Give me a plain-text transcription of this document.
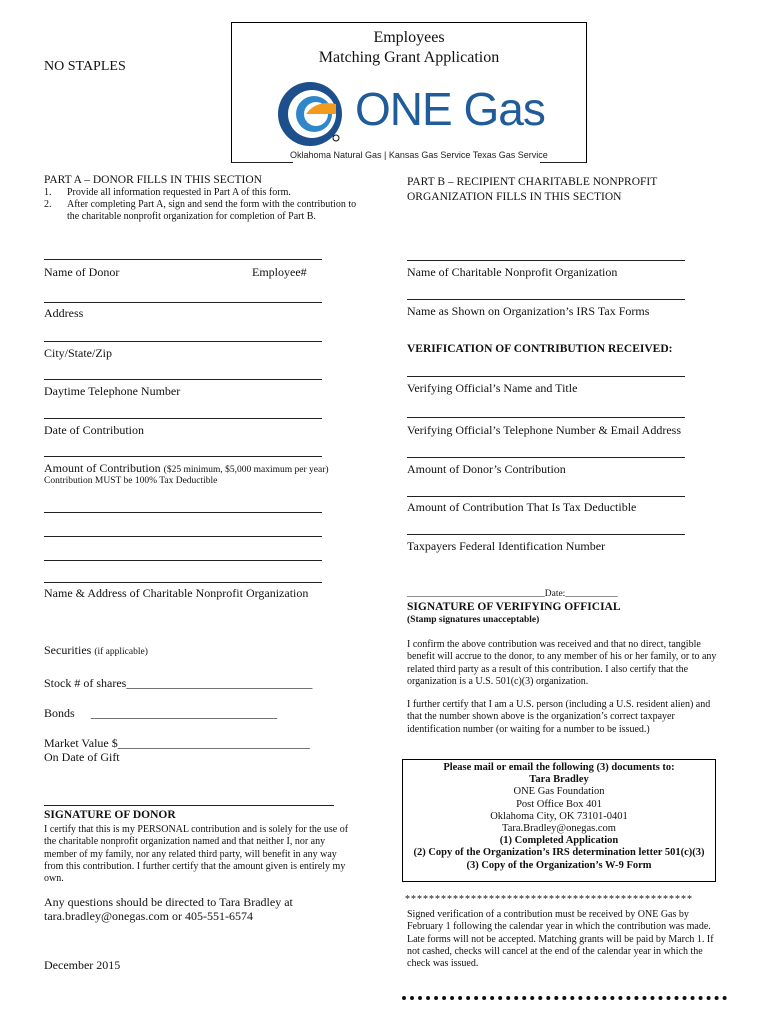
NO STAPLES
Employees
Matching Grant Application
ONE Gas
Oklahoma Natural Gas | Kansas Gas Service Texas Gas Service
PART A – DONOR FILLS IN THIS SECTION
1. Provide all information requested in Part A of this form.
2. After completing Part A, sign and send the form with the contribution to
the charitable nonprofit organization for completion of Part B.
PART B – RECIPIENT CHARITABLE NONPROFIT
ORGANIZATION FILLS IN THIS SECTION
Name of Donor	Employee#
Address
City/State/Zip
Daytime Telephone Number
Date of Contribution
Amount of Contribution ($25 minimum, $5,000 maximum per year)
Contribution MUST be 100% Tax Deductible
Name & Address of Charitable Nonprofit Organization
Securities (if applicable)
Stock # of shares_______________________________
Bonds _______________________________
Market Value $________________________________
On Date of Gift
SIGNATURE OF DONOR
I certify that this is my PERSONAL contribution and is solely for the use of
the charitable nonprofit organization named and that neither I, nor any
member of my family, nor any related third party, will benefit in any way
from this contribution. I further certify that the amount given is entirely my
own.
Any questions should be directed to Tara Bradley at
tara.bradley@onegas.com or 405-551-6574
December 2015
Name of Charitable Nonprofit Organization
Name as Shown on Organization’s IRS Tax Forms
VERIFICATION OF CONTRIBUTION RECEIVED:
Verifying Official’s Name and Title
Verifying Official’s Telephone Number & Email Address
Amount of Donor’s Contribution
Amount of Contribution That Is Tax Deductible
Taxpayers Federal Identification Number
_____________________________Date:___________
SIGNATURE OF VERIFYING OFFICIAL
(Stamp signatures unacceptable)
I confirm the above contribution was received and that no direct, tangible
benefit will accrue to the donor, to any member of his or her family, or to any
related third party as a result of this contribution. I also certify that the
organization is a U.S. 501(c)(3) organization.
I further certify that I am a U.S. person (including a U.S. resident alien) and
that the number shown above is the organization’s correct taxpayer
identification number (or waiting for a number to be issued.)
Please mail or email the following (3) documents to:
Tara Bradley
ONE Gas Foundation
Post Office Box 401
Oklahoma City, OK 73101-0401
Tara.Bradley@onegas.com
(1) Completed Application
(2) Copy of the Organization’s IRS determination letter 501(c)(3)
(3) Copy of the Organization’s W-9 Form
************************************************
Signed verification of a contribution must be received by ONE Gas by
February 1 following the calendar year in which the contribution was made.
Late forms will not be accepted. Matching grants will be paid by March 1. If
not cashed, checks will cancel at the end of the calendar year in which the
check was issued.
